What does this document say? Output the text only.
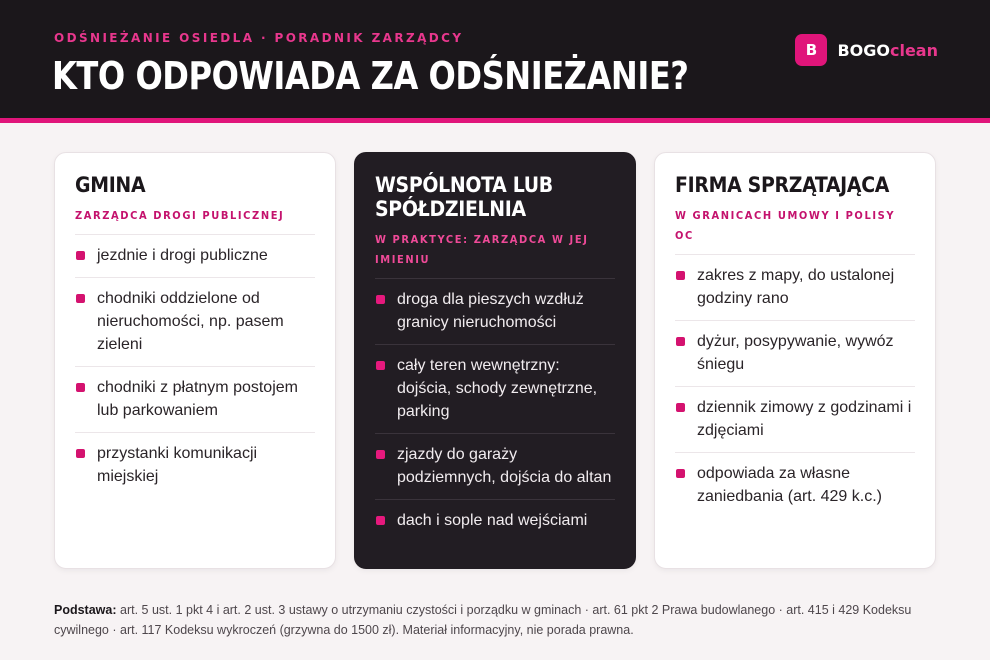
ODŚNIEŻANIE OSIEDLA · PORADNIK ZARZĄDCY
KTO ODPOWIADA ZA ODŚNIEŻANIE?
B	BOGOclean
GMINA
ZARZĄDCA DROGI PUBLICZNEJ
jezdnie i drogi publiczne
chodniki oddzielone od nieruchomości, np. pasem zieleni
chodniki z płatnym postojem lub parkowaniem
przystanki komunikacji miejskiej
WSPÓLNOTA LUB SPÓŁDZIELNIA
W PRAKTYCE: ZARZĄDCA W JEJ IMIENIU
droga dla pieszych wzdłuż granicy nieruchomości
cały teren wewnętrzny: dojścia, schody zewnętrzne, parking
zjazdy do garaży podziemnych, dojścia do altan
dach i sople nad wejściami
FIRMA SPRZĄTAJĄCA
W GRANICACH UMOWY I POLISY OC
zakres z mapy, do ustalonej godziny rano
dyżur, posypywanie, wywóz śniegu
dziennik zimowy z godzinami i zdjęciami
odpowiada za własne zaniedbania (art. 429 k.c.)
Podstawa: art. 5 ust. 1 pkt 4 i art. 2 ust. 3 ustawy o utrzymaniu czystości i porządku w gminach · art. 61 pkt 2 Prawa budowlanego · art. 415 i 429 Kodeksu cywilnego · art. 117 Kodeksu wykroczeń (grzywna do 1500 zł). Materiał informacyjny, nie porada prawna.
